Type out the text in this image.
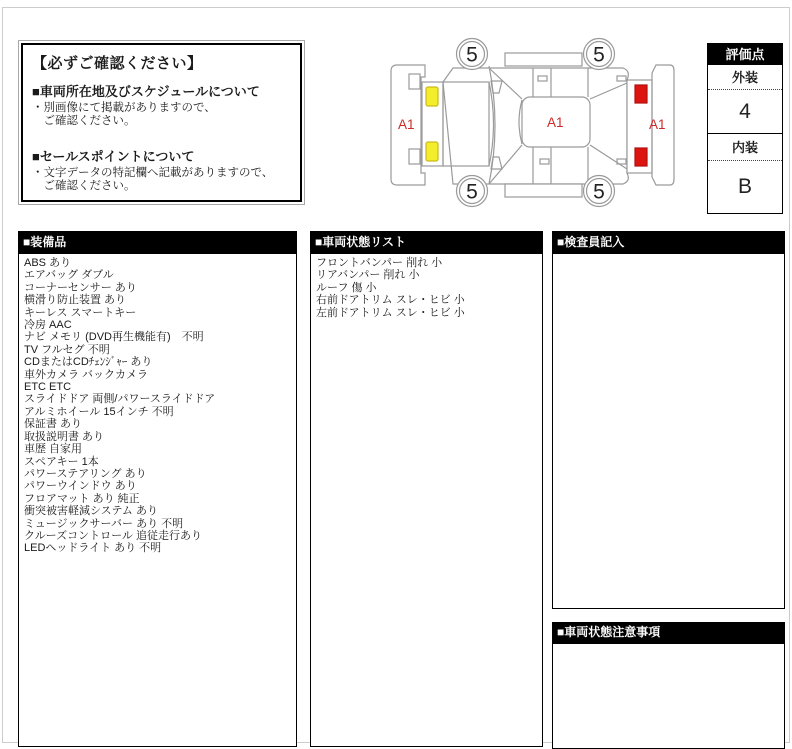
【必ずご確認ください】
■車両所在地及びスケジュールについて
・別画像にて掲載がありますので、
　ご確認ください。
■セールスポイントについて
・文字データの特記欄へ記載がありますので、
　ご確認ください。
5	5
5	5
A1	A1	A1
評価点
外装
4
内装
B
■装備品
ABS あり
エアバッグ ダブル
コーナーセンサー あり
横滑り防止装置 あり
キーレス スマートキー
冷房 AAC
ナビ メモリ (DVD再生機能有)　不明
TV フルセグ 不明
CDまたはCDﾁｪﾝｼﾞｬｰ あり
車外カメラ バックカメラ
ETC ETC
スライドドア 両側/パワースライドドア
アルミホイール 15インチ 不明
保証書 あり
取扱説明書 あり
車歴 自家用
スペアキー 1本
パワーステアリング あり
パワーウインドウ あり
フロアマット あり 純正
衝突被害軽減システム あり
ミュージックサーバー あり 不明
クルーズコントロール 追従走行あり
LEDヘッドライト あり 不明
■車両状態リスト
フロントバンパー 削れ 小
リアバンパー 削れ 小
ルーフ 傷 小
右前ドアトリム スレ・ヒビ 小
左前ドアトリム スレ・ヒビ 小
■検査員記入
■車両状態注意事項
